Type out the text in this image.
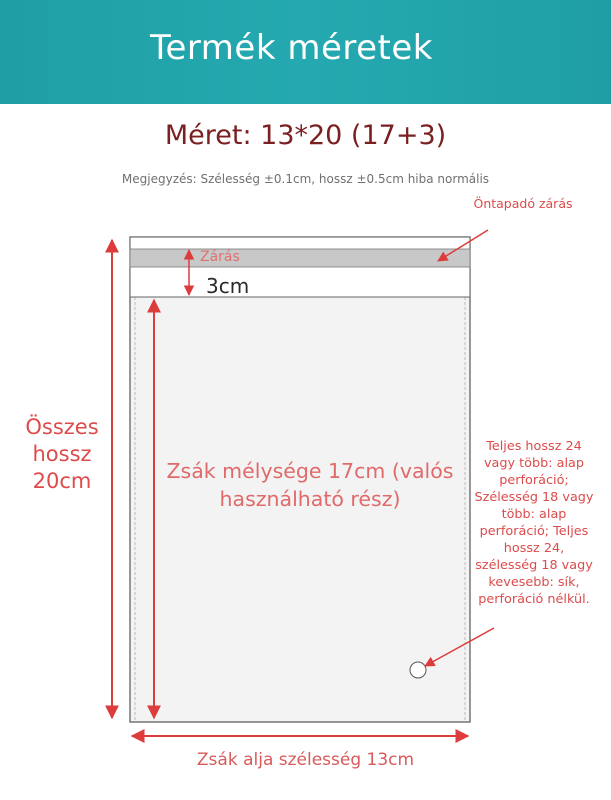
Termék méretek
Méret: 13*20 (17+3)
Megjegyzés: Szélesség ±0.1cm, hossz ±0.5cm hiba normális
Öntapadó zárás
Zárás
3cm
Összes hossz 20cm	Zsák mélysége 17cm (valós használható rész)
Teljes hossz 24 vagy több: alap perforáció; Szélesség 18 vagy több: alap perforáció; Teljes hossz 24, szélesség 18 vagy kevesebb: sík, perforáció nélkül.
Zsák alja szélesség 13cm
